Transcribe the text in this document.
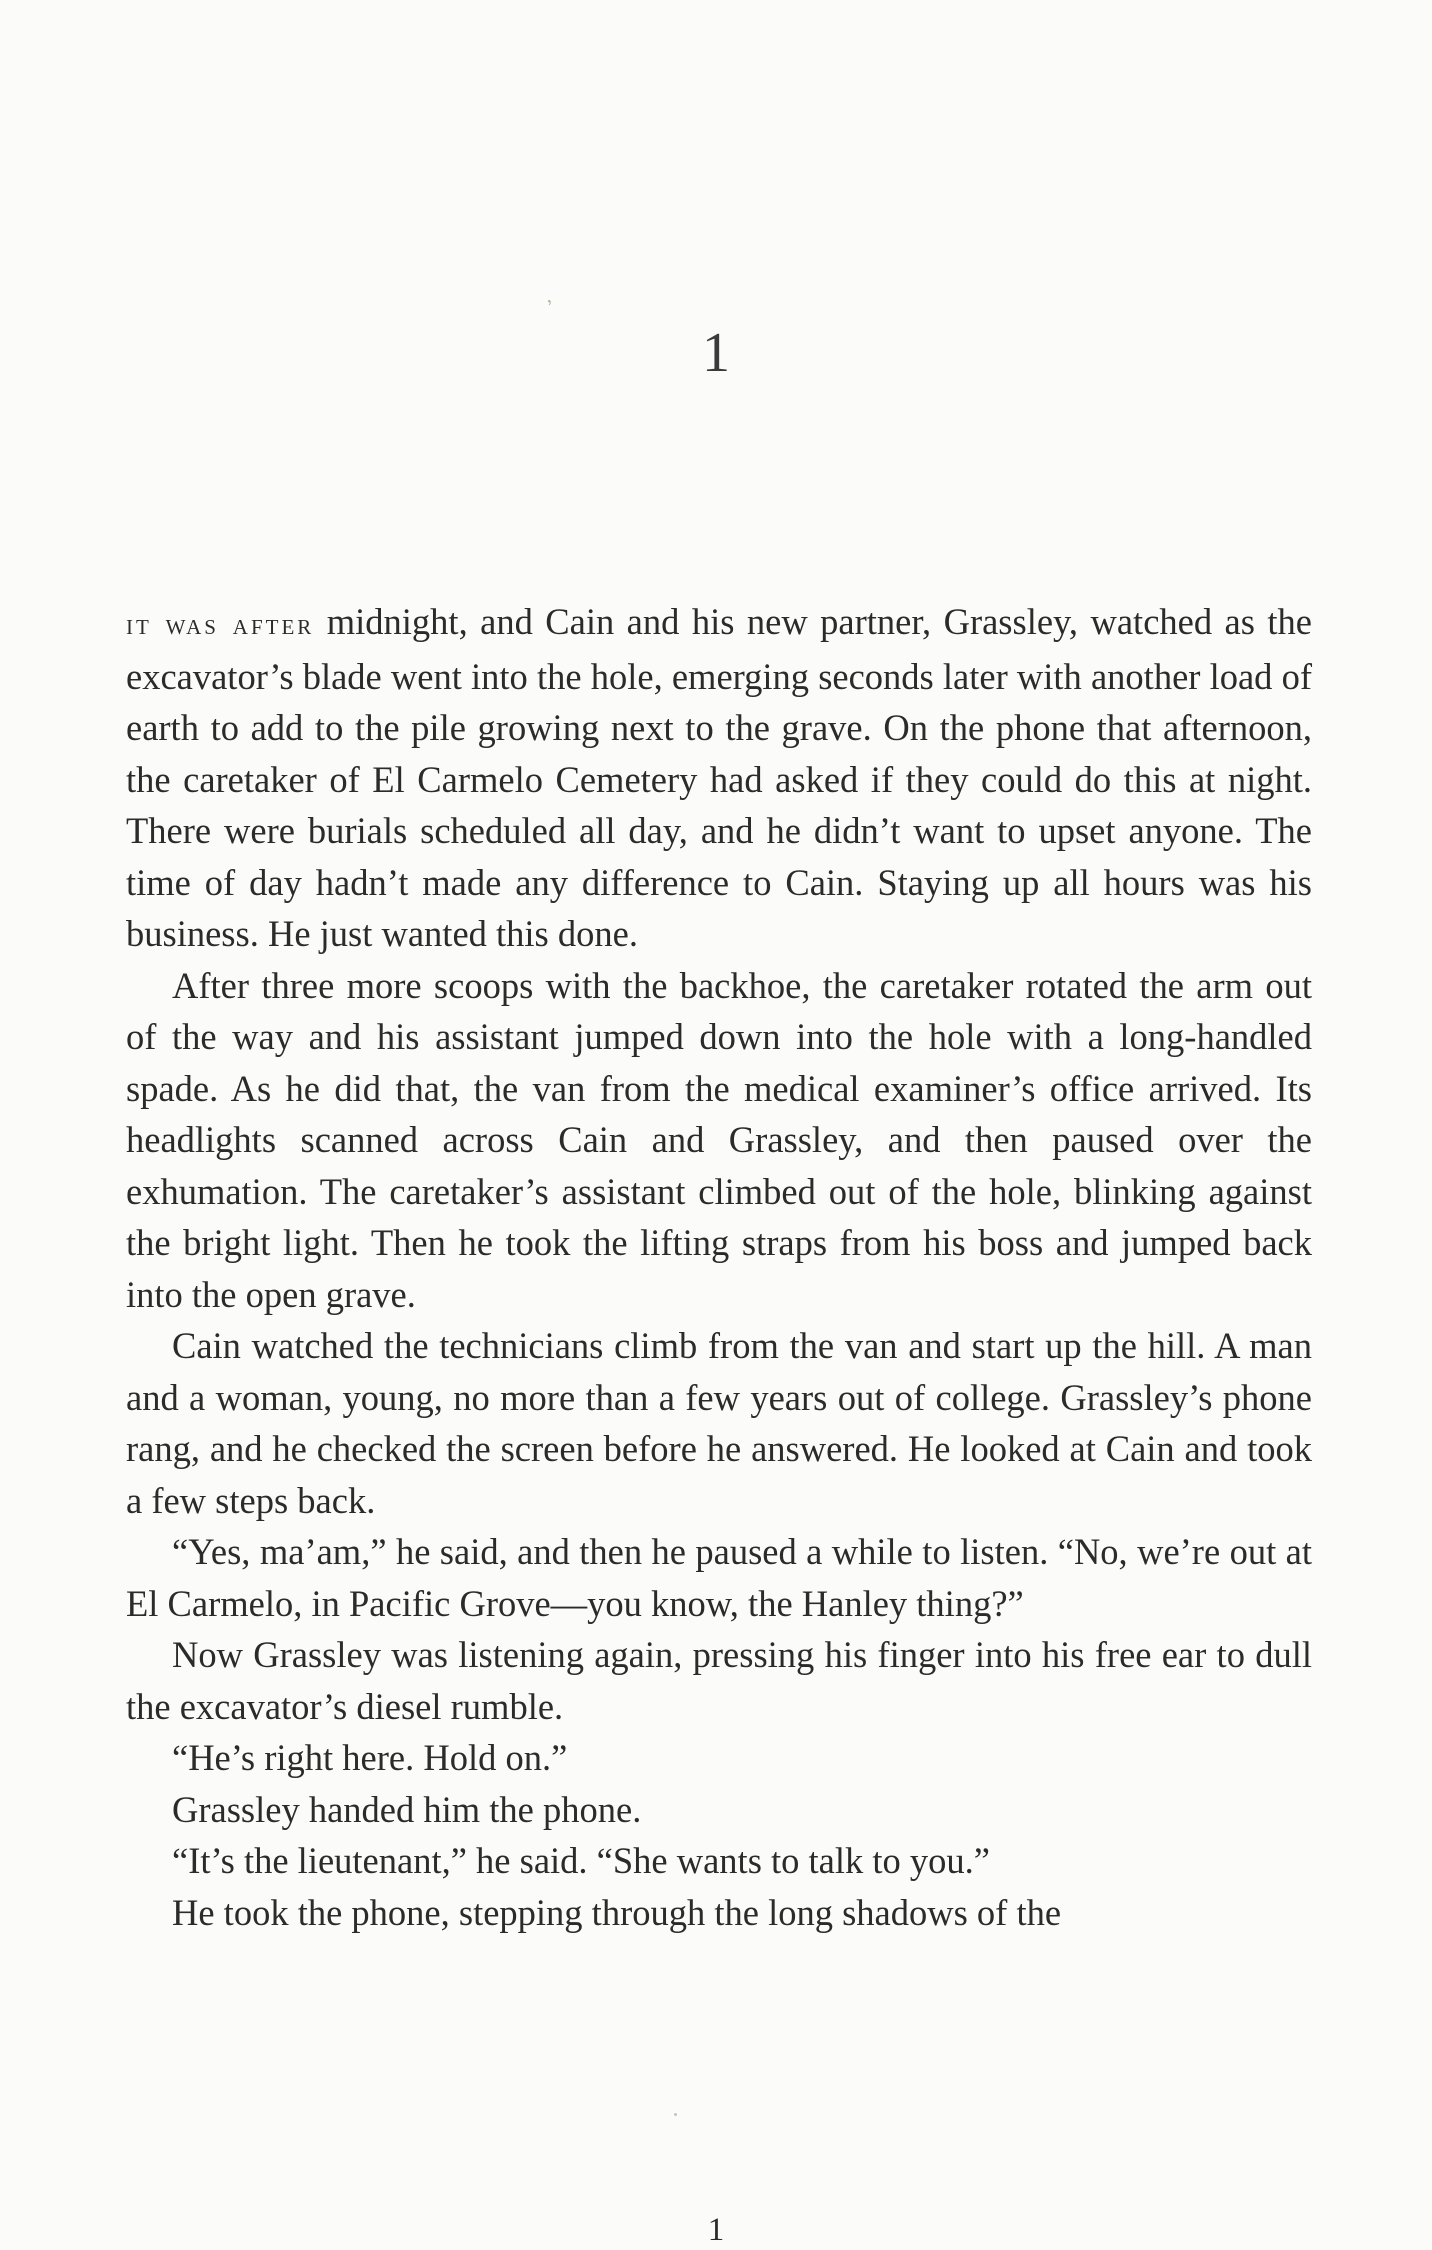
ʼ
1

it was after midnight, and Cain and his new partner, Grassley, watched as the excavator’s blade went into the hole, emerging seconds later with another load of earth to add to the pile growing next to the grave. On the phone that afternoon, the caretaker of El Carmelo Cemetery had asked if they could do this at night. There were burials scheduled all day, and he didn’t want to upset anyone. The time of day hadn’t made any difference to Cain. Staying up all hours was his business. He just wanted this done.

After three more scoops with the backhoe, the caretaker rotated the arm out of the way and his assistant jumped down into the hole with a long-handled spade. As he did that, the van from the medical examiner’s office arrived. Its headlights scanned across Cain and Grassley, and then paused over the exhumation. The caretaker’s assistant climbed out of the hole, blinking against the bright light. Then he took the lifting straps from his boss and jumped back into the open grave.

Cain watched the technicians climb from the van and start up the hill. A man and a woman, young, no more than a few years out of college. Grassley’s phone rang, and he checked the screen before he answered. He looked at Cain and took a few steps back.

“Yes, ma’am,” he said, and then he paused a while to listen. “No, we’re out at El Carmelo, in Pacific Grove—you know, the Hanley thing?”

Now Grassley was listening again, pressing his finger into his free ear to dull the excavator’s diesel rumble.

“He’s right here. Hold on.”

Grassley handed him the phone.

“It’s the lieutenant,” he said. “She wants to talk to you.”

He took the phone, stepping through the long shadows of the

1
